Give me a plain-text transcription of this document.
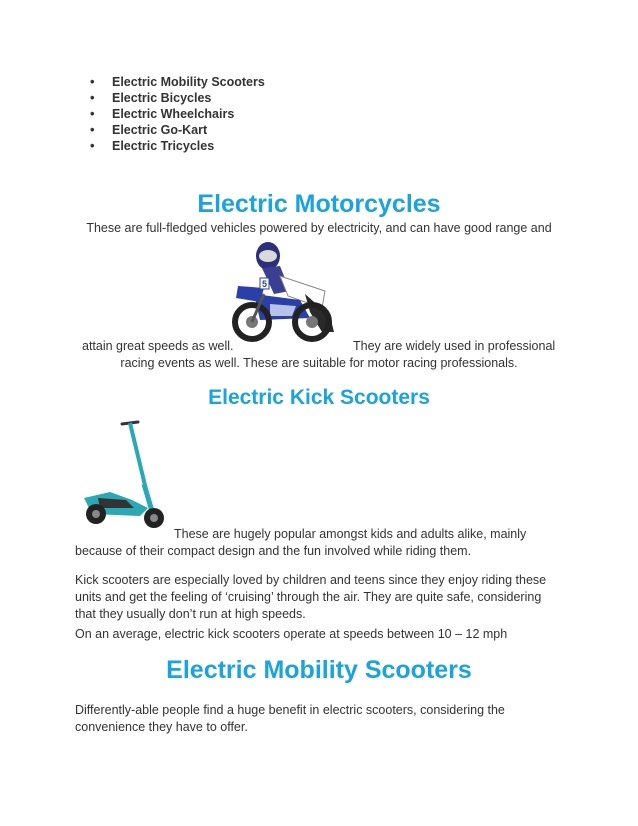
• Electric Mobility Scooters
• Electric Bicycles
• Electric Wheelchairs
• Electric Go-Kart
• Electric Tricycles
Electric Motorcycles

These are full-fledged vehicles powered by electricity, and can have good range and

5

attain great speeds as well.	They are widely used in professional

racing events as well. These are suitable for motor racing professionals.

Electric Kick Scooters

These are hugely popular amongst kids and adults alike, mainly

because of their compact design and the fun involved while riding them.

Kick scooters are especially loved by children and teens since they enjoy riding these units and get the feeling of ‘cruising’ through the air. They are quite safe, considering that they usually don’t run at high speeds.

On an average, electric kick scooters operate at speeds between 10 – 12 mph

Electric Mobility Scooters

Differently-able people find a huge benefit in electric scooters, considering the convenience they have to offer.
